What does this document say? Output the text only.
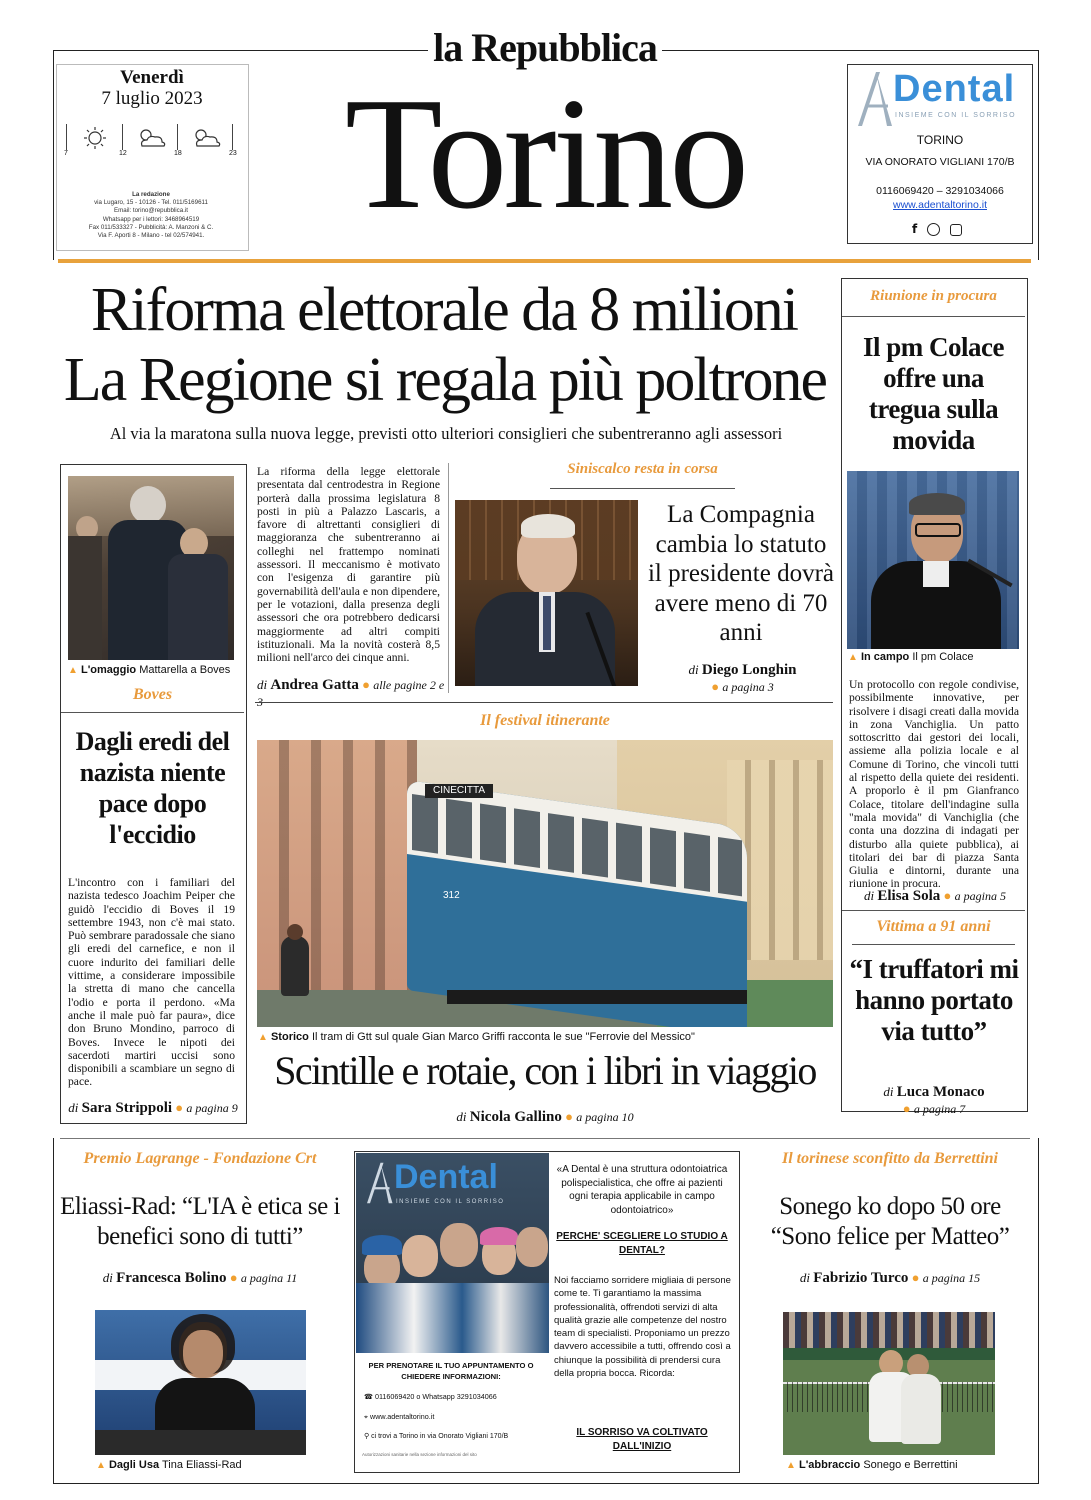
la Repubblica
Torino
Venerdì
7 luglio 2023
7	12	18	23
La redazione
via Lugaro, 15 - 10126 - Tel. 011/5169611
Email: torino@repubblica.it
Whatsapp per i lettori: 3468964519
Fax 011/533327 - Pubblicità: A. Manzoni & C.
Via F. Aporti 8 - Milano - tel 02/574941.
Dental
INSIEME CON IL SORRISO
TORINO
VIA ONORATO VIGLIANI 170/B
0116069420 – 3291034066
www.adentaltorino.it
f
Riforma elettorale da 8 milioni
La Regione si regala più poltrone
Al via la maratona sulla nuova legge, previsti otto ulteriori consiglieri che subentreranno agli assessori
▲ L'omaggio Mattarella a Boves
Boves
Dagli eredi del nazista niente pace dopo l'eccidio
L'incontro con i familiari del nazista tedesco Joachim Peiper che guidò l'eccidio di Boves il 19 settembre 1943, non c'è mai stato. Può sembrare paradossale che siano gli eredi del carnefice, e non il cuore indurito dei familiari delle vittime, a considerare impossibile la stretta di mano che cancella l'odio e porta il perdono. «Ma anche il male può far paura», dice don Bruno Mondino, parroco di Boves. Invece le nipoti dei sacerdoti martiri uccisi sono disponibili a scambiare un segno di pace.
di Sara Strippoli ● a pagina 9
La riforma della legge elettorale presentata dal centrodestra in Regione porterà dalla prossima legislatura 8 posti in più a Palazzo Lascaris, a favore di altrettanti consiglieri di maggioranza che subentreranno ai colleghi nel frattempo nominati assessori. Il meccanismo è motivato con l'esigenza di garantire più governabilità dell'aula e non dipendere, per le votazioni, dalla presenza degli assessori che ora potrebbero dedicarsi maggiormente ad altri compiti istituzionali. Ma la novità costerà 8,5 milioni nell'arco dei cinque anni.
di Andrea Gatta ● alle pagine 2 e
Siniscalco resta in corsa
La Compagnia cambia lo statuto il presidente dovrà avere meno di 70 anni
di Diego Longhin
● a pagina 3
Riunione in procura
Il pm Colace offre una tregua sulla movida
▲ In campo Il pm Colace
Un protocollo con regole condivise, possibilmente innovative, per risolvere i disagi creati dalla movida in zona Vanchiglia. Un patto sottoscritto dai gestori dei locali, assieme alla polizia locale e al Comune di Torino, che vincoli tutti al rispetto della quiete dei residenti. A proporlo è il pm Gianfranco Colace, titolare dell'indagine sulla "mala movida" di Vanchiglia (che conta una dozzina di indagati per disturbo alla quiete pubblica), ai titolari dei bar di piazza Santa Giulia e dintorni, durante una riunione in procura.
di Elisa Sola ● a pagina 5
Vittima a 91 anni
“I truffatori mi hanno portato via tutto”
di Luca Monaco
● a pagina 7
Il festival itinerante
CINECITTA
312
▲ Storico Il tram di Gtt sul quale Gian Marco Griffi racconta le sue "Ferrovie del Messico"
Scintille e rotaie, con i libri in viaggio
di Nicola Gallino ● a pagina 10
Premio Lagrange - Fondazione Crt
Eliassi-Rad: “L'IA è etica se i benefici sono di tutti”
di Francesca Bolino ● a pagina 11
▲ Dagli Usa Tina Eliassi-Rad
Dental
INSIEME CON IL SORRISO
«A Dental è una struttura odontoiatrica polispecialistica, che offre ai pazienti ogni terapia applicabile in campo odontoiatrico»
PERCHE' SCEGLIERE LO STUDIO A DENTAL?
Noi facciamo sorridere migliaia di persone come te. Ti garantiamo la massima professionalità, offrendoti servizi di alta qualità grazie alle competenze del nostro team di specialisti. Proponiamo un prezzo davvero accessibile a tutti, offrendo così a chiunque la possibilità di prendersi cura della propria bocca. Ricorda:
IL SORRISO VA COLTIVATO DALL'INIZIO
PER PRENOTARE IL TUO APPUNTAMENTO O CHIEDERE INFORMAZIONI:
☎ 0116069420 o Whatsapp 3291034066
⌖ www.adentaltorino.it
⚲ ci trovi a Torino in via Onorato Vigliani 170/B
Autorizzazioni sanitarie nella sezione informazioni del sito
Il torinese sconfitto da Berrettini
Sonego ko dopo 50 ore “Sono felice per Matteo”
di Fabrizio Turco ● a pagina 15
▲ L'abbraccio Sonego e Berrettini
